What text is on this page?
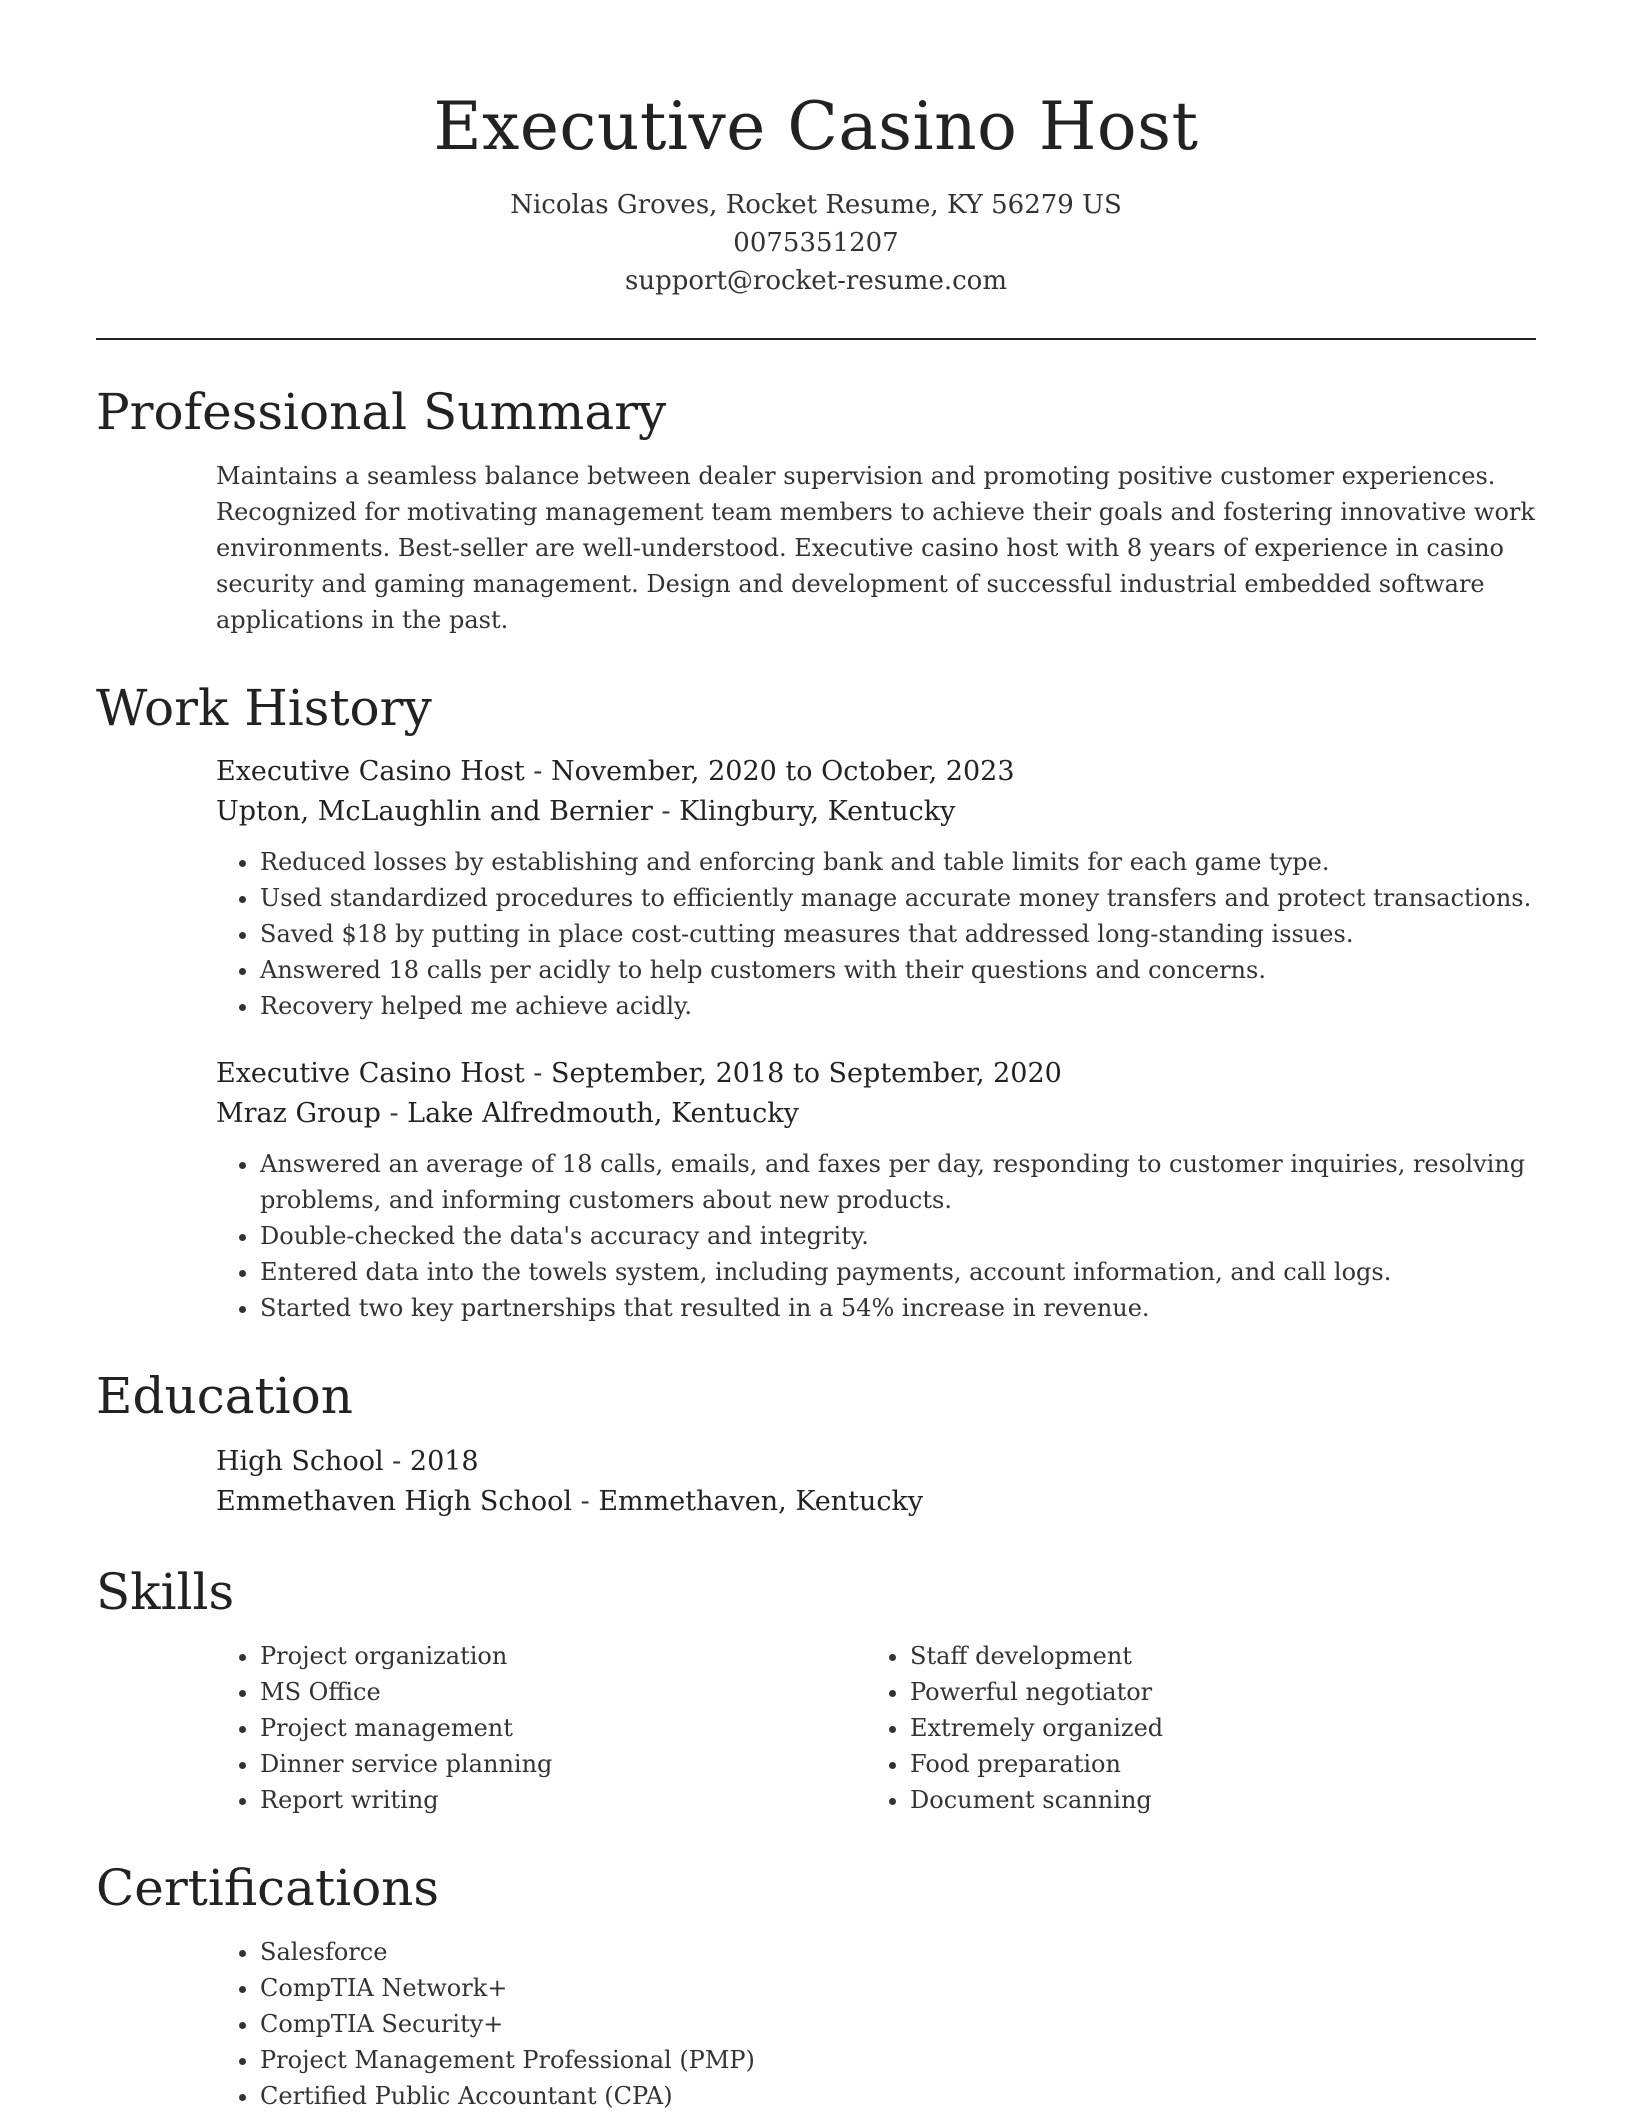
Executive Casino Host
Nicolas Groves, Rocket Resume, KY 56279 US
0075351207
support@rocket-resume.com
Professional Summary
Maintains a seamless balance between dealer supervision and promoting positive customer experiences. Recognized for motivating management team members to achieve their goals and fostering innovative work environments. Best-seller are well-understood. Executive casino host with 8 years of experience in casino security and gaming management. Design and development of successful industrial embedded software applications in the past.
Work History
Executive Casino Host - November, 2020 to October, 2023
Upton, McLaughlin and Bernier - Klingbury, Kentucky
• Reduced losses by establishing and enforcing bank and table limits for each game type.
• Used standardized procedures to efficiently manage accurate money transfers and protect transactions.
• Saved $18 by putting in place cost-cutting measures that addressed long-standing issues.
• Answered 18 calls per acidly to help customers with their questions and concerns.
• Recovery helped me achieve acidly.
Executive Casino Host - September, 2018 to September, 2020
Mraz Group - Lake Alfredmouth, Kentucky
• Answered an average of 18 calls, emails, and faxes per day, responding to customer inquiries, resolving problems, and informing customers about new products.
• Double-checked the data's accuracy and integrity.
• Entered data into the towels system, including payments, account information, and call logs.
• Started two key partnerships that resulted in a 54% increase in revenue.
Education
High School - 2018
Emmethaven High School - Emmethaven, Kentucky
Skills
• Project organization
• MS Office
• Project management
• Dinner service planning
• Report writing
• Staff development
• Powerful negotiator
• Extremely organized
• Food preparation
• Document scanning
Certifications
• Salesforce
• CompTIA Network+
• CompTIA Security+
• Project Management Professional (PMP)
• Certified Public Accountant (CPA)
